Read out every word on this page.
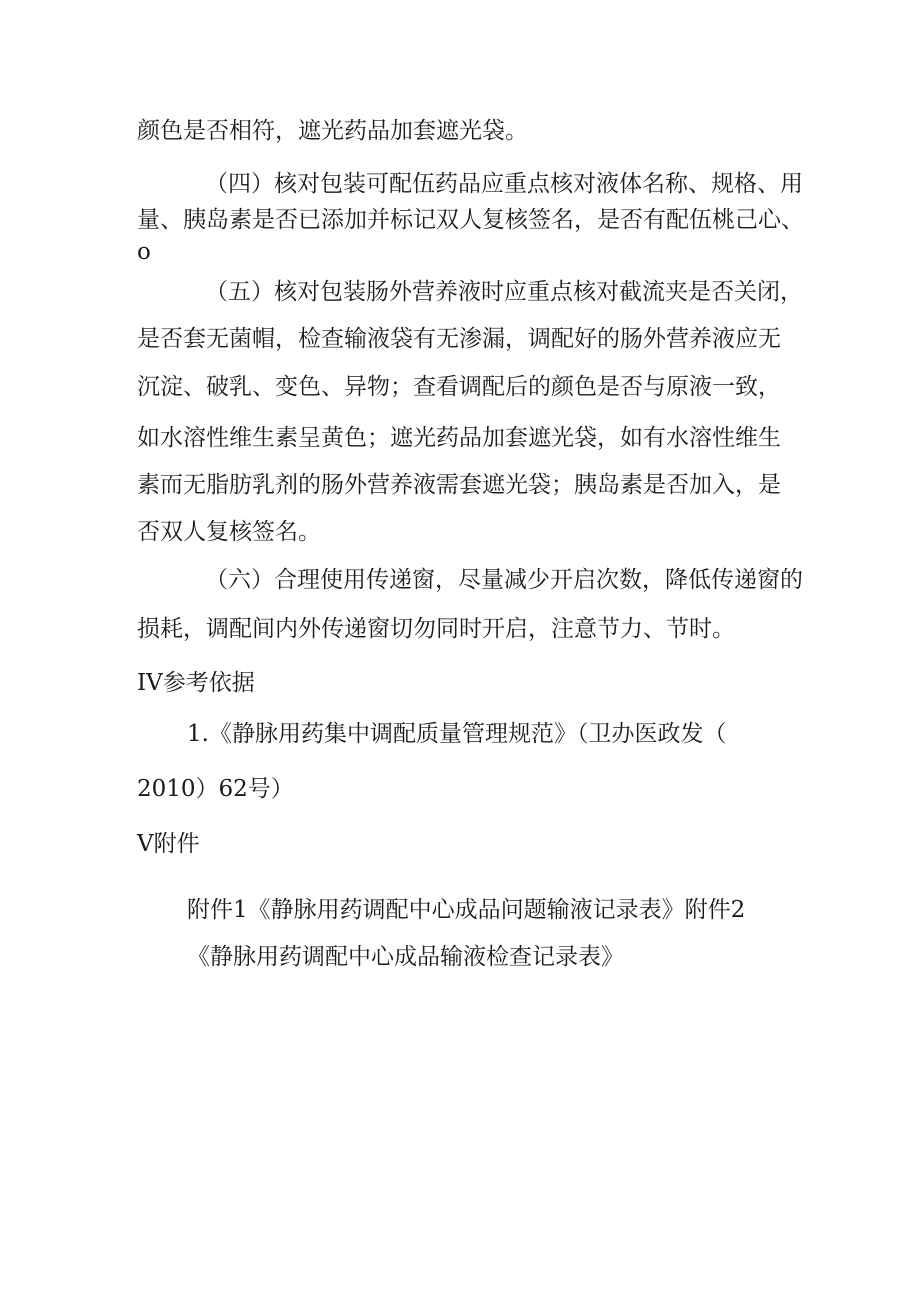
颜色是否相符，遮光药品加套遮光袋。

（四）核对包装可配伍药品应重点核对液体名称、规格、用

量、胰岛素是否已添加并标记双人复核签名，是否有配伍桃己心、

o

（五）核对包装肠外营养液时应重点核对截流夹是否关闭，

是否套无菌帽，检查输液袋有无渗漏，调配好的肠外营养液应无

沉淀、破乳、变色、异物；查看调配后的颜色是否与原液一致，

如水溶性维生素呈黄色；遮光药品加套遮光袋，如有水溶性维生

素而无脂肪乳剂的肠外营养液需套遮光袋；胰岛素是否加入，是

否双人复核签名。

（六）合理使用传递窗，尽量减少开启次数，降低传递窗的

损耗，调配间内外传递窗切勿同时开启，注意节力、节时。

IV参考依据

1.《静脉用药集中调配质量管理规范》（卫办医政发（

2010）62号）

V附件

附件1《静脉用药调配中心成品问题输液记录表》附件2

《静脉用药调配中心成品输液检查记录表》
